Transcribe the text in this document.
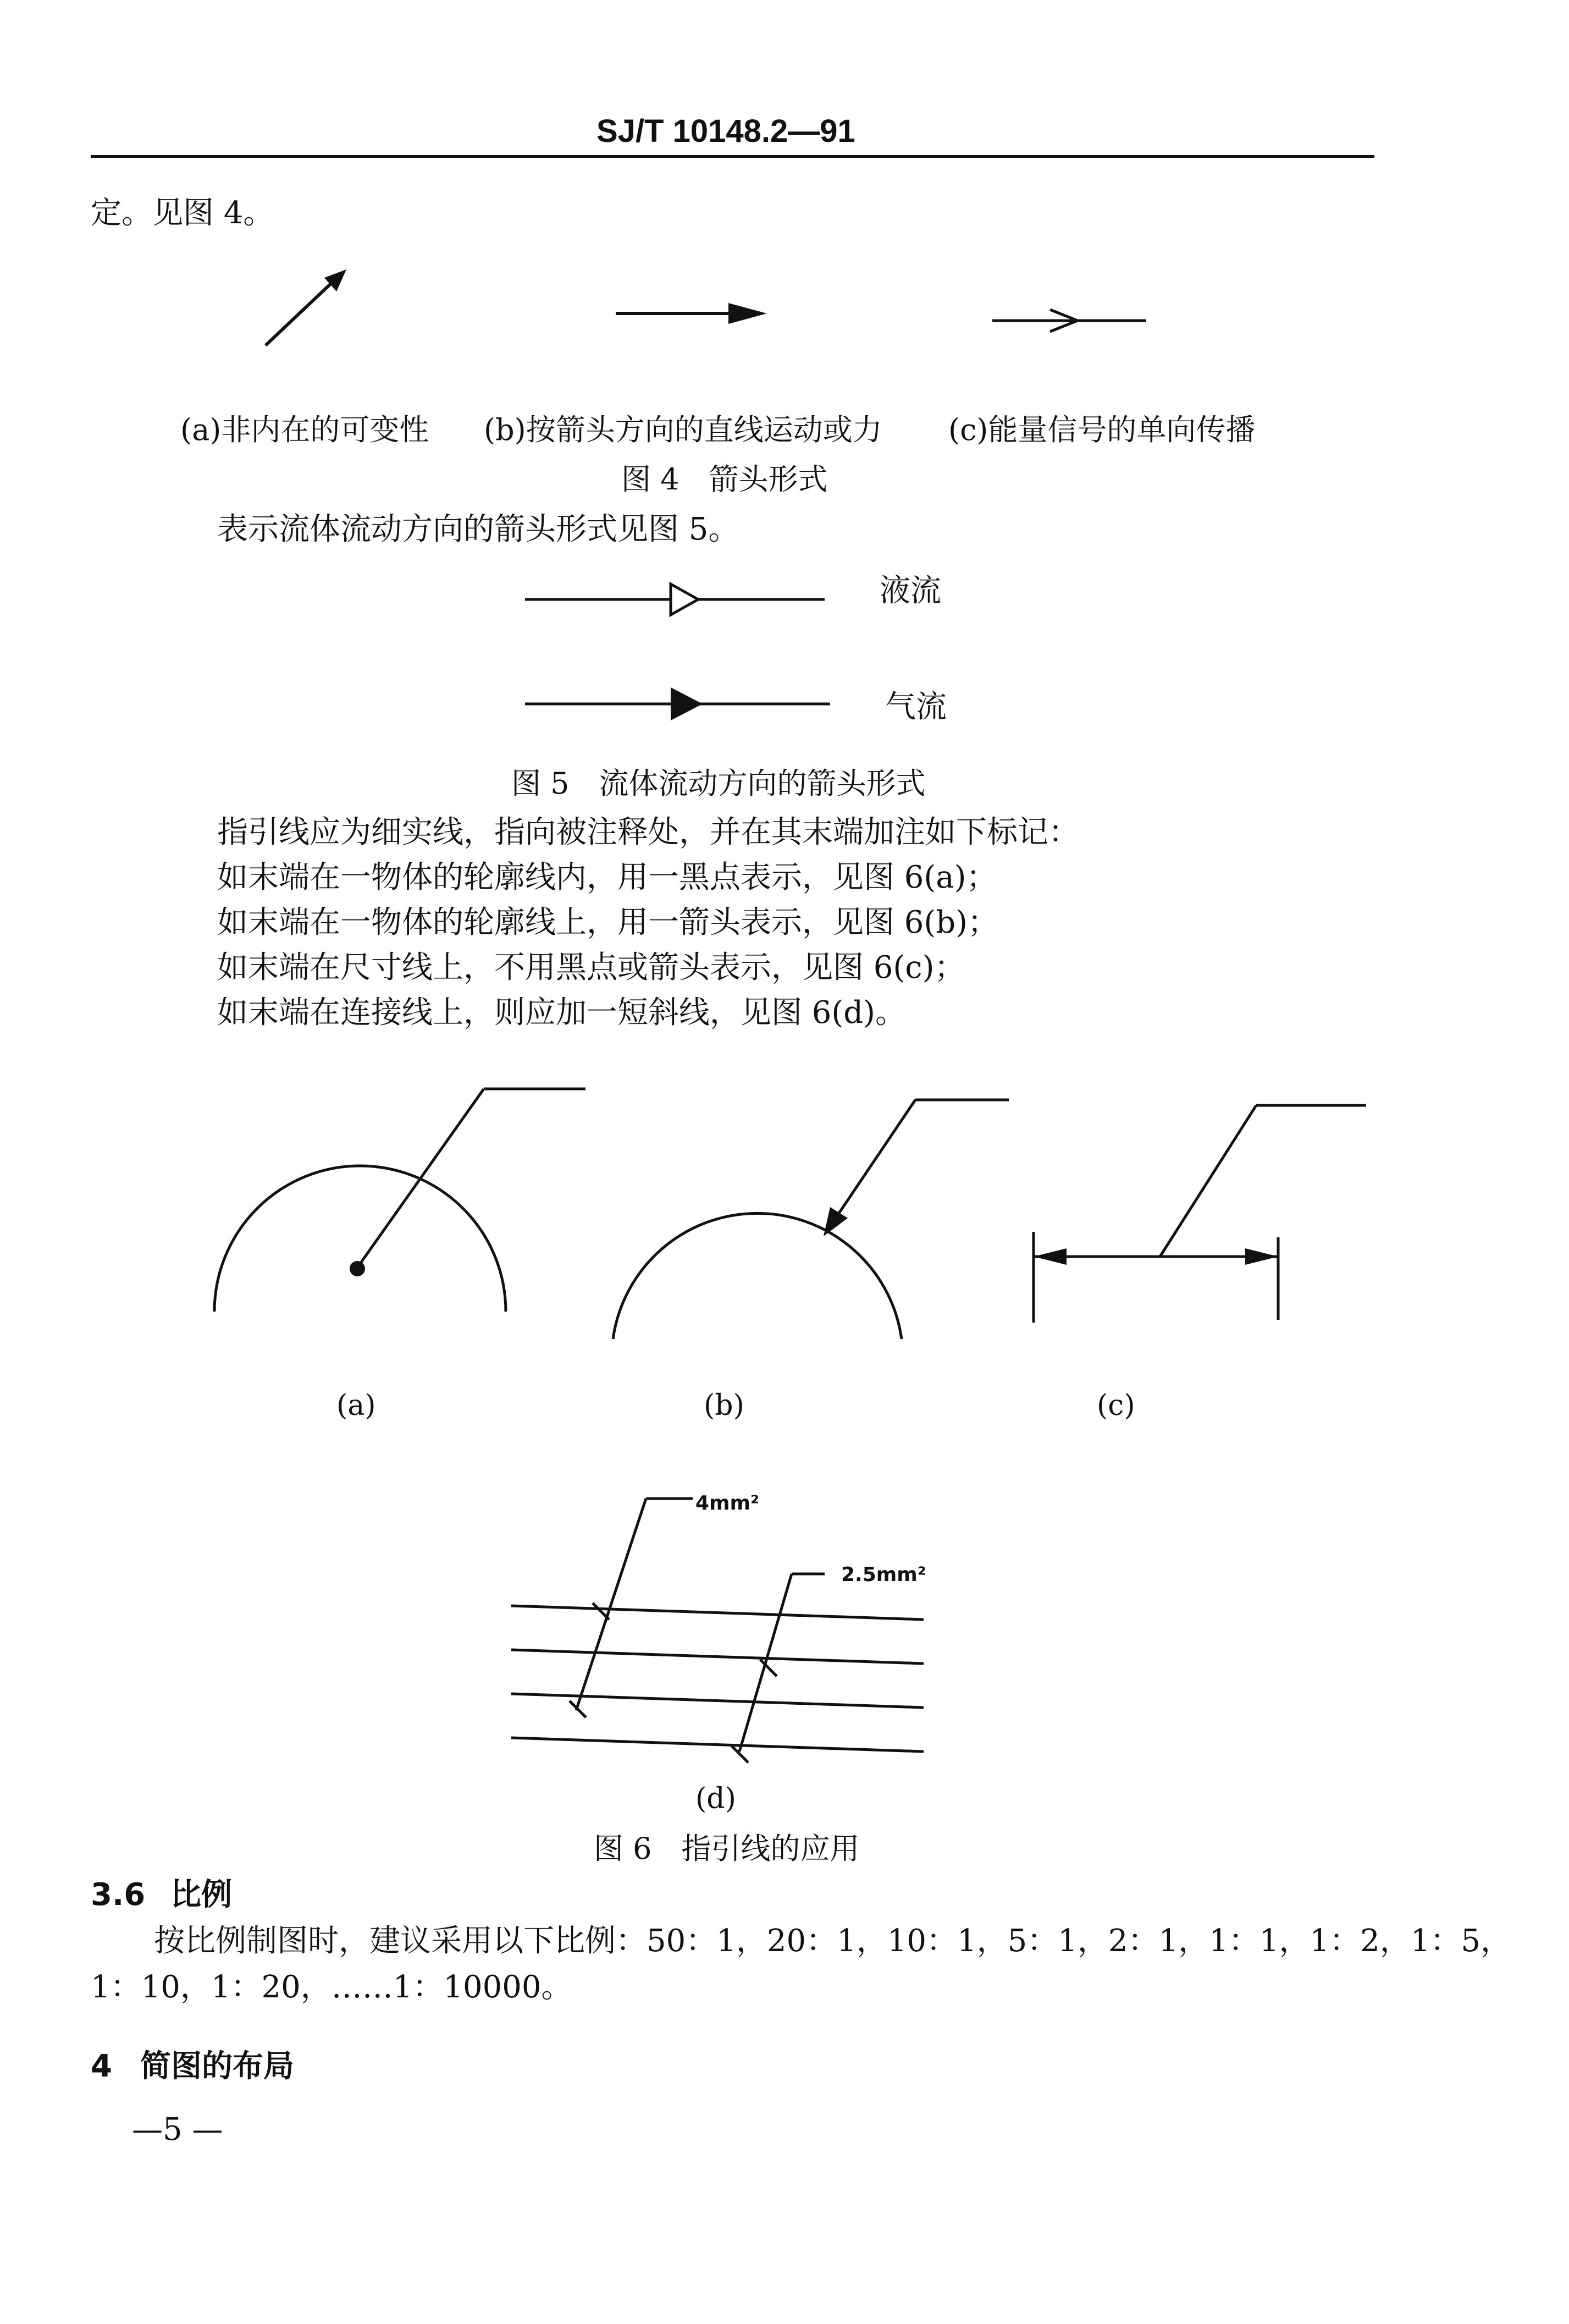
SJ/T 10148.2—91
定。见图 4。
(a)非内在的可变性 (b)按箭头方向的直线运动或力 (c)能量信号的单向传播
图 4　箭头形式
表示流体流动方向的箭头形式见图 5。
液流
气流
图 5　流体流动方向的箭头形式
指引线应为细实线，指向被注释处，并在其末端加注如下标记：
如末端在一物体的轮廓线内，用一黑点表示，见图 6(a)；
如末端在一物体的轮廓线上，用一箭头表示，见图 6(b)；
如末端在尺寸线上，不用黑点或箭头表示，见图 6(c)；
如末端在连接线上，则应加一短斜线，见图 6(d)。
(a)	(b)	(c)
4mm²
2.5mm²
(d)
图 6　指引线的应用
3.6 比例
按比例制图时，建议采用以下比例：50：1，20：1，10：1，5：1，2：1，1：1，1：2，1：5，
1：10，1：20，……1：10000。
4 简图的布局
—5 —
